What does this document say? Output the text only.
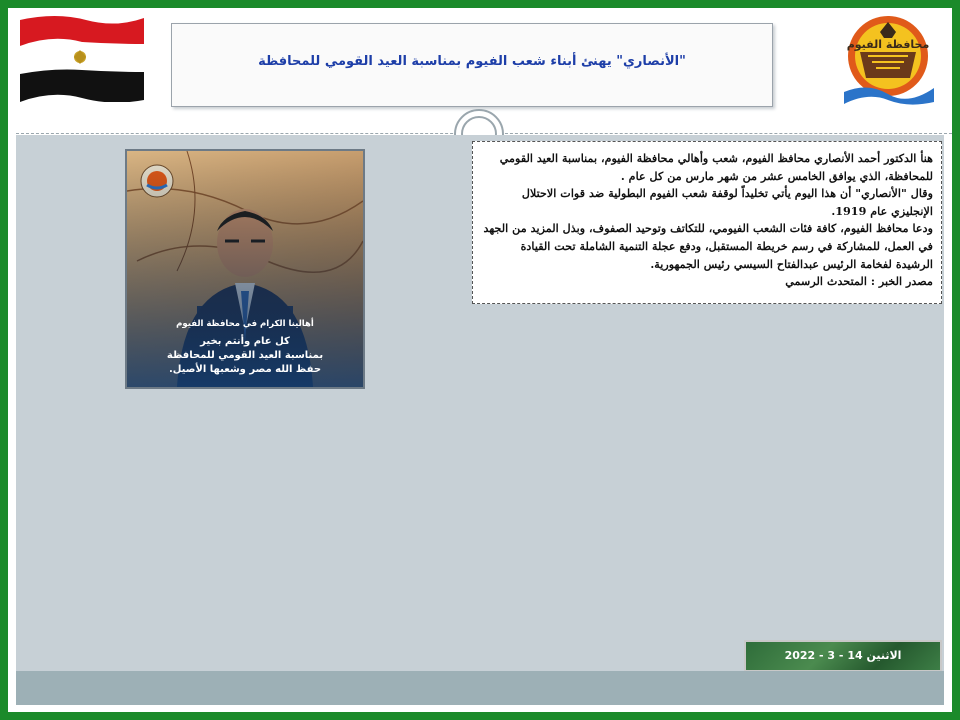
"الأنصاري" يهنئ أبناء شعب الفيوم بمناسبة العيد القومي للمحافظة
محافظة الفيوم
أهالينا الكرام في محافظة الفيوم
كل عام وأنتم بخير
بمناسبة العيد القومي للمحافظة
حفظ الله مصر وشعبها الأصيل.

هنأ الدكتور أحمد الأنصاري محافظ الفيوم، شعب وأهالي محافظة الفيوم، بمناسبة العيد القومي للمحافظة، الذي يوافق الخامس عشر من شهر مارس من كل عام .

وقال "الأنصاري" أن هذا اليوم يأتي تخليداً لوقفة شعب الفيوم البطولية ضد قوات الاحتلال الإنجليزي عام 1919.

ودعا محافظ الفيوم، كافة فئات الشعب الفيومي، للتكاتف وتوحيد الصفوف، وبذل المزيد من الجهد في العمل، للمشاركة في رسم خريطة المستقبل، ودفع عجلة التنمية الشاملة تحت القيادة الرشيدة لفخامة الرئيس عبدالفتاح السيسي رئيس الجمهورية.

مصدر الخبر : المتحدث الرسمي

الاثنين 14 - 3 - 2022
